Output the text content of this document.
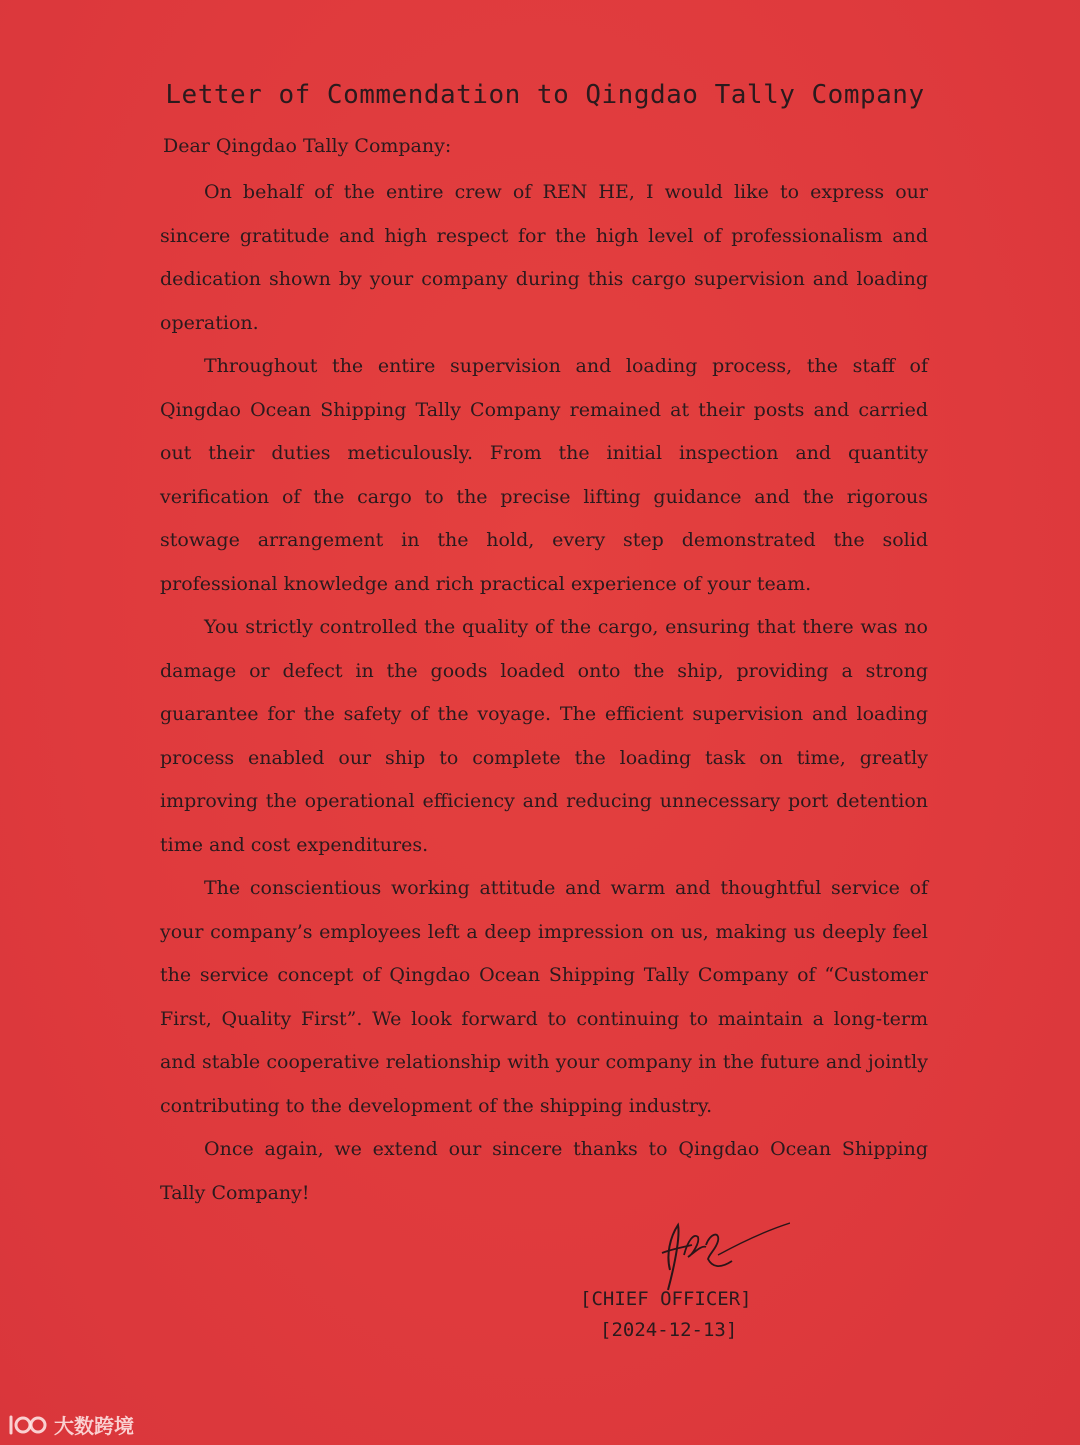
Letter of Commendation to Qingdao Tally Company
Dear Qingdao Tally Company:

On behalf of the entire crew of REN HE, I would like to express our sincere gratitude and high respect for the high level of professionalism and dedication shown by your company during this cargo supervision and loading operation.

Throughout the entire supervision and loading process, the staff of Qingdao Ocean Shipping Tally Company remained at their posts and carried out their duties meticulously. From the initial inspection and quantity verification of the cargo to the precise lifting guidance and the rigorous stowage arrangement in the hold, every step demonstrated the solid professional knowledge and rich practical experience of your team.

You strictly controlled the quality of the cargo, ensuring that there was no damage or defect in the goods loaded onto the ship, providing a strong guarantee for the safety of the voyage. The efficient supervision and loading process enabled our ship to complete the loading task on time, greatly improving the operational efficiency and reducing unnecessary port detention time and cost expenditures.

The conscientious working attitude and warm and thoughtful service of your company’s employees left a deep impression on us, making us deeply feel the service concept of Qingdao Ocean Shipping Tally Company of “Customer First, Quality First”. We look forward to continuing to maintain a long-term and stable cooperative relationship with your company in the future and jointly contributing to the development of the shipping industry.

Once again, we extend our sincere thanks to Qingdao Ocean Shipping Tally Company!

[CHIEF OFFICER]
[2024-12-13]
大数跨境
